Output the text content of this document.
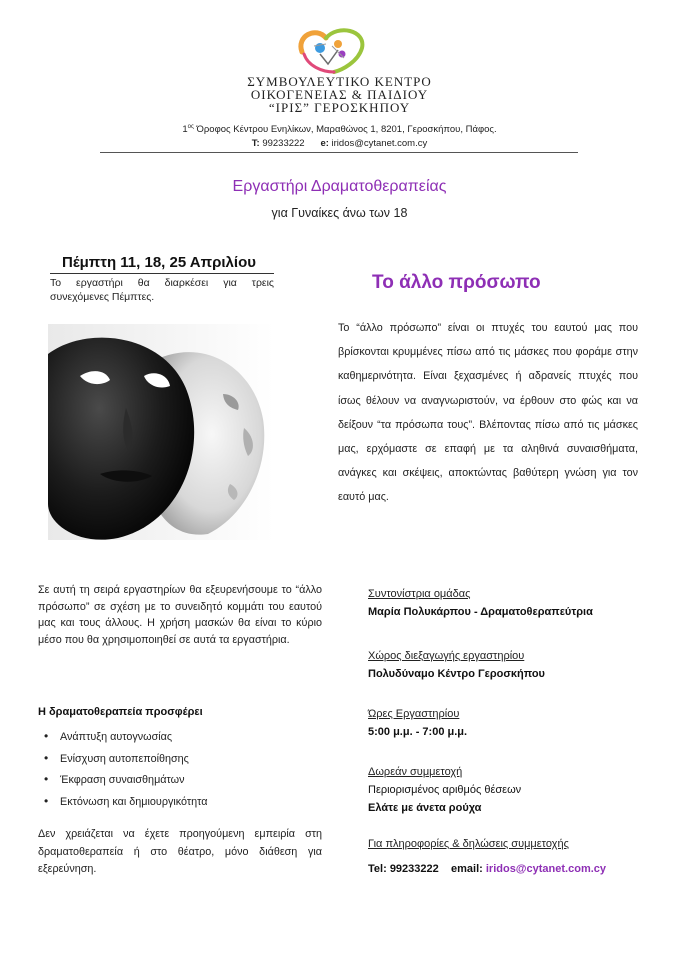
ΣΥΜΒΟΥΛΕΥΤΙΚΟ ΚΕΝΤΡΟ
ΟΙΚΟΓΕΝΕΙΑΣ & ΠΑΙΔΙΟΥ
“ΙΡΙΣ” ΓΕΡΟΣΚΗΠΟΥ
$1^{o\varsigma}$ Όροφος Κέντρου Ενηλίκων, Μαραθώνος 1, 8201, Γεροσκήπου, Πάφος.
T: 99233222 e: iridos@cytanet.com.cy
Εργαστήρι Δραματοθεραπείας
για Γυναίκες άνω των 18
Πέμπτη 11, 18, 25 Απριλίου
Το εργαστήρι θα διαρκέσει για τρεις συνεχόμενες Πέμπτες.
Το άλλο πρόσωπο
Το “άλλο πρόσωπο” είναι οι πτυχές του εαυτού μας που βρίσκονται κρυμμένες πίσω από τις μάσκες που φοράμε στην καθημερινότητα. Είναι ξεχασμένες ή αδρανείς πτυχές που ίσως θέλουν να αναγνωριστούν, να έρθουν στο φώς και να δείξουν “τα πρόσωπα τους”. Βλέποντας πίσω από τις μάσκες μας, ερχόμαστε σε επαφή με τα αληθινά συναισθήματα, ανάγκες και σκέψεις, αποκτώντας βαθύτερη γνώση για τον εαυτό μας.
Σε αυτή τη σειρά εργαστηρίων θα εξευρενήσουμε το “άλλο πρόσωπο” σε σχέση με το συνειδητό κομμάτι του εαυτού μας και τους άλλους. Η χρήση μασκών θα είναι το κύριο μέσο που θα χρησιμοποιηθεί σε αυτά τα εργαστήρια.
Η δραματοθεραπεία προσφέρει
• Ανάπτυξη αυτογνωσίας
• Ενίσχυση αυτοπεποίθησης
• Έκφραση συναισθημάτων
• Εκτόνωση και δημιουργικότητα
Δεν χρειάζεται να έχετε προηγούμενη εμπειρία στη δραματοθεραπεία ή στο θέατρο, μόνο διάθεση για εξερεύνηση.
Συντονίστρια ομάδας
Μαρία Πολυκάρπου - Δραματοθεραπεύτρια
Χώρος διεξαγωγής εργαστηρίου
Πολυδύναμο Κέντρο Γεροσκήπου
Ώρες Εργαστηρίου
5:00 μ.μ. - 7:00 μ.μ.
Δωρεάν συμμετοχή
Περιορισμένος αριθμός θέσεων
Ελάτε με άνετα ρούχα
Για πληροφορίες & δηλώσεις συμμετοχής
Tel: 99233222 email: iridos@cytanet.com.cy
